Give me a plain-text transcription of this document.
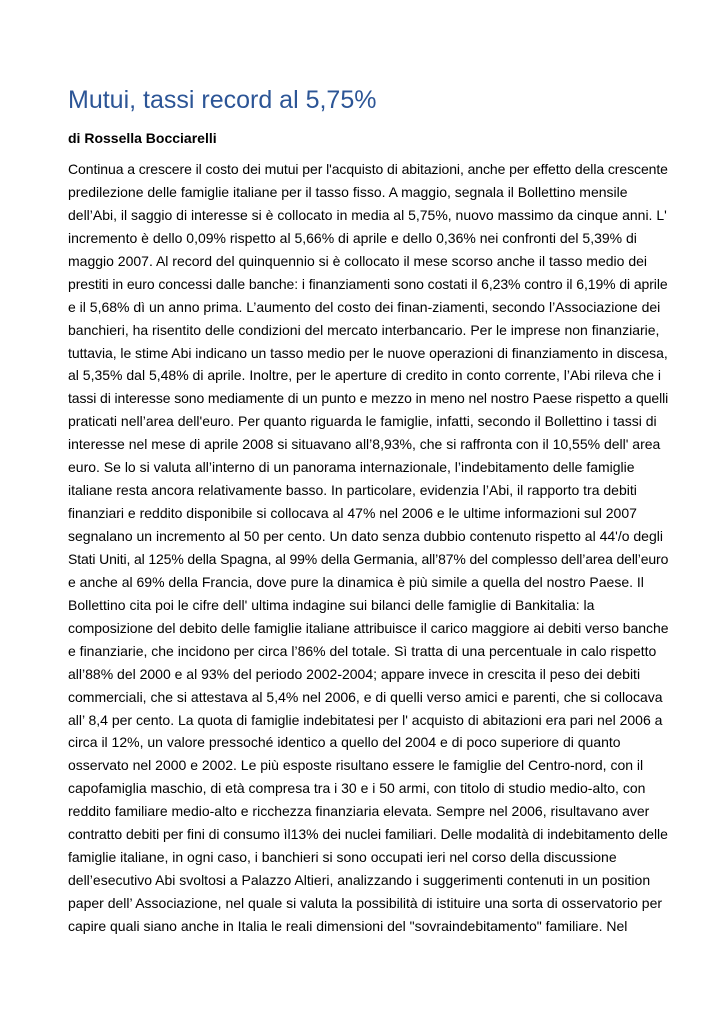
Mutui, tassi record al 5,75%

di Rossella Bocciarelli

Continua a crescere il costo dei mutui per l'acquisto di abitazioni, anche per effetto della crescente
predilezione delle famiglie italiane per il tasso fisso. A maggio, segnala il Bollettino mensile
dell’Abi, il saggio di interesse si è collocato in media al 5,75%, nuovo massimo da cinque anni. L'
incremento è dello 0,09% rispetto al 5,66% di aprile e dello 0,36% nei confronti del 5,39% di
maggio 2007. Al record del quinquennio si è collocato il mese scorso anche il tasso medio dei
prestiti in euro concessi dalle banche: i finanziamenti sono costati il 6,23% contro il 6,19% di aprile
e il 5,68% dì un anno prima. L’aumento del costo dei finan-ziamenti, secondo l’Associazione dei
banchieri, ha risentito delle condizioni del mercato interbancario. Per le imprese non finanziarie,
tuttavia, le stime Abi indicano un tasso medio per le nuove operazioni di finanziamento in discesa,
al 5,35% dal 5,48% di aprile. Inoltre, per le aperture di credito in conto corrente, l’Abi rileva che i
tassi di interesse sono mediamente di un punto e mezzo in meno nel nostro Paese rispetto a quelli
praticati nell’area dell'euro. Per quanto riguarda le famiglie, infatti, secondo il Bollettino i tassi di
interesse nel mese di aprile 2008 si situavano all’8,93%, che si raffronta con il 10,55% dell' area
euro. Se lo si valuta all’interno di un panorama internazionale, l’indebitamento delle famiglie
italiane resta ancora relativamente basso. In particolare, evidenzia l’Abi, il rapporto tra debiti
finanziari e reddito disponibile si collocava al 47% nel 2006 e le ultime informazioni sul 2007
segnalano un incremento al 50 per cento. Un dato senza dubbio contenuto rispetto al 44'/o degli
Stati Uniti, al 125% della Spagna, al 99% della Germania, all’87% del complesso dell’area dell’euro
e anche al 69% della Francia, dove pure la dinamica è più simile a quella del nostro Paese. Il
Bollettino cita poi le cifre dell' ultima indagine sui bilanci delle famiglie di Bankitalia: la
composizione del debito delle famiglie italiane attribuisce il carico maggiore ai debiti verso banche
e finanziarie, che incidono per circa l’86% del totale. Sì tratta di una percentuale in calo rispetto
all’88% del 2000 e al 93% del periodo 2002-2004; appare invece in crescita il peso dei debiti
commerciali, che si attestava al 5,4% nel 2006, e di quelli verso amici e parenti, che si collocava
all’ 8,4 per cento. La quota di famiglie indebitatesi per l' acquisto di abitazioni era pari nel 2006 a
circa il 12%, un valore pressoché identico a quello del 2004 e di poco superiore di quanto
osservato nel 2000 e 2002. Le più esposte risultano essere le famiglie del Centro-nord, con il
capofamiglia maschio, di età compresa tra i 30 e i 50 armi, con titolo di studio medio-alto, con
reddito familiare medio-alto e ricchezza finanziaria elevata. Sempre nel 2006, risultavano aver
contratto debiti per fini di consumo ìl13% dei nuclei familiari. Delle modalità di indebitamento delle
famiglie italiane, in ogni caso, i banchieri si sono occupati ieri nel corso della discussione
dell’esecutivo Abi svoltosi a Palazzo Altieri, analizzando i suggerimenti contenuti in un position
paper dell’ Associazione, nel quale si valuta la possibilità di istituire una sorta di osservatorio per
capire quali siano anche in Italia le reali dimensioni del "sovraindebitamento" familiare. Nel
